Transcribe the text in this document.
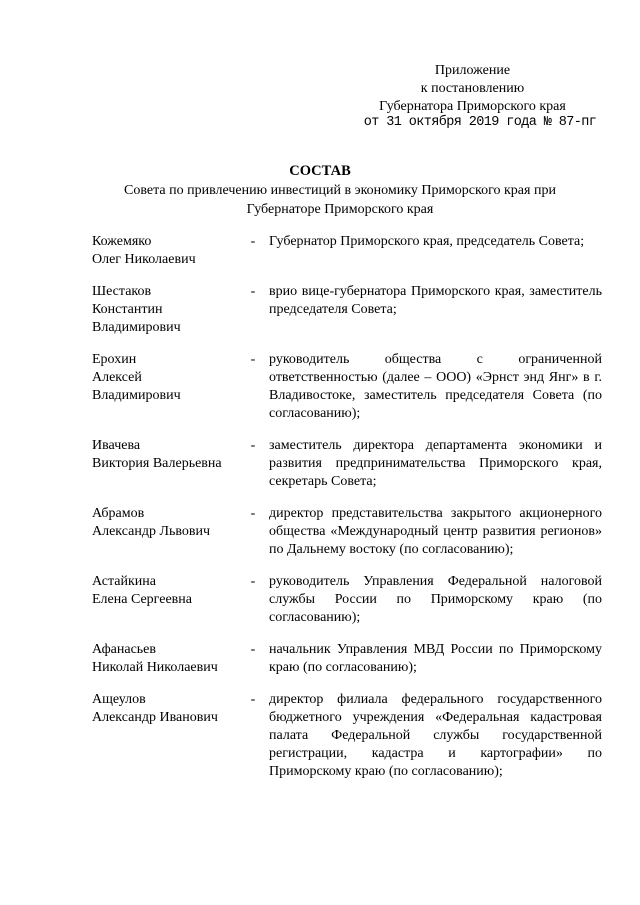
Приложение
к постановлению
Губернатора Приморского края
от 31 октября 2019 года № 87-пг
СОСТАВ
Совета по привлечению инвестиций в экономику Приморского края при Губернаторе Приморского края
Кожемяко
Олег Николаевич
- Губернатор Приморского края, председатель Совета;
Шестаков
Константин
Владимирович
- врио вице-губернатора Приморского края, заместитель председателя Совета;
Ерохин
Алексей
Владимирович
- руководитель общества с ограниченной ответственностью (далее – ООО) «Эрнст энд Янг» в г. Владивостоке, заместитель председателя Совета (по согласованию);
Ивачева
Виктория Валерьевна
- заместитель директора департамента экономики и развития предпринимательства Приморского края, секретарь Совета;
Абрамов
Александр Львович
- директор представительства закрытого акционерного общества «Международный центр развития регионов» по Дальнему востоку (по согласованию);
Астайкина
Елена Сергеевна
- руководитель Управления Федеральной налоговой службы России по Приморскому краю (по согласованию);
Афанасьев
Николай Николаевич
- начальник Управления МВД России по Приморскому краю (по согласованию);
Ащеулов
Александр Иванович
- директор филиала федерального государственного бюджетного учреждения «Федеральная кадастровая палата Федеральной службы государственной регистрации, кадастра и картографии» по Приморскому краю (по согласованию);
